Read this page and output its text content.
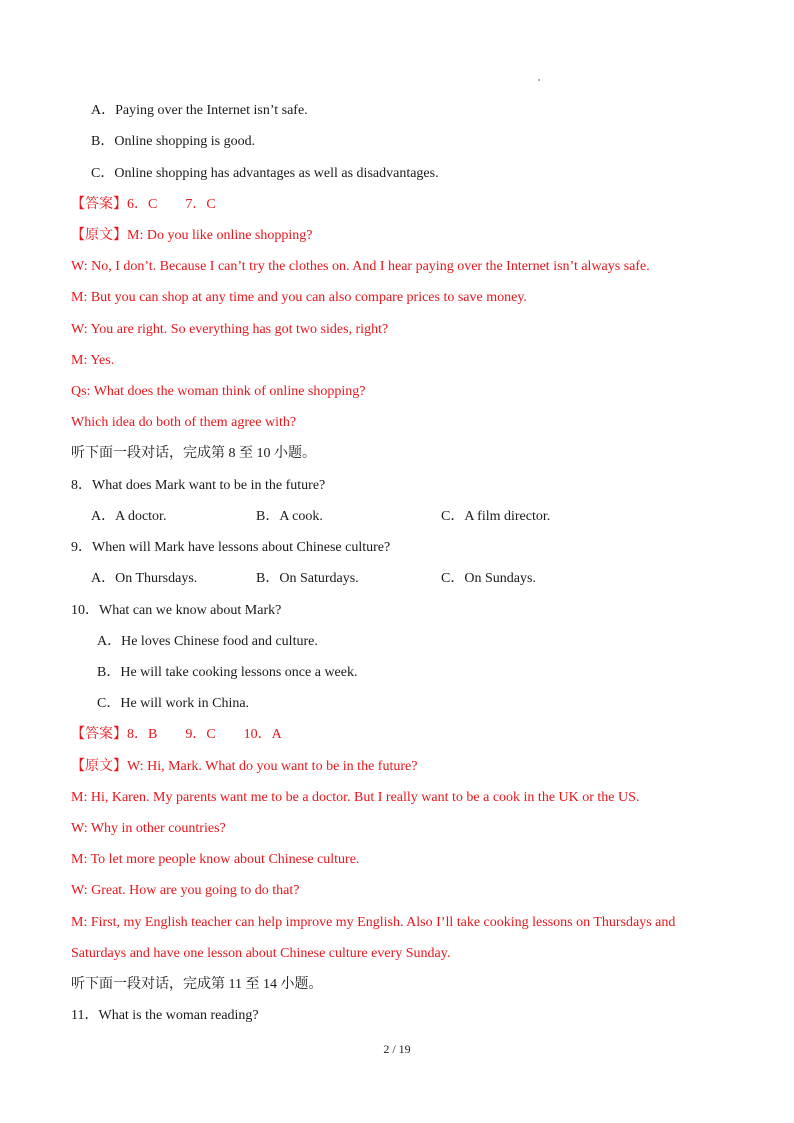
A．Paying over the Internet isn’t safe.
B．Online shopping is good.
C．Online shopping has advantages as well as disadvantages.
【答案】6．C        7．C
【原文】M: Do you like online shopping?
W: No, I don’t. Because I can’t try the clothes on. And I hear paying over the Internet isn’t always safe.
M: But you can shop at any time and you can also compare prices to save money.
W: You are right. So everything has got two sides, right?
M: Yes.
Qs: What does the woman think of online shopping?
Which idea do both of them agree with?
听下面一段对话，完成第 8 至 10 小题。
8．What does Mark want to be in the future?
A．A doctor.	B．A cook.	C．A film director.
9．When will Mark have lessons about Chinese culture?
A．On Thursdays.	B．On Saturdays.	C．On Sundays.
10．What can we know about Mark?
A．He loves Chinese food and culture.
B．He will take cooking lessons once a week.
C．He will work in China.
【答案】8．B        9．C        10．A
【原文】W: Hi, Mark. What do you want to be in the future?
M: Hi, Karen. My parents want me to be a doctor. But I really want to be a cook in the UK or the US.
W: Why in other countries?
M: To let more people know about Chinese culture.
W: Great. How are you going to do that?
M: First, my English teacher can help improve my English. Also I’ll take cooking lessons on Thursdays and
Saturdays and have one lesson about Chinese culture every Sunday.
听下面一段对话，完成第 11 至 14 小题。
11．What is the woman reading?
2 / 19
